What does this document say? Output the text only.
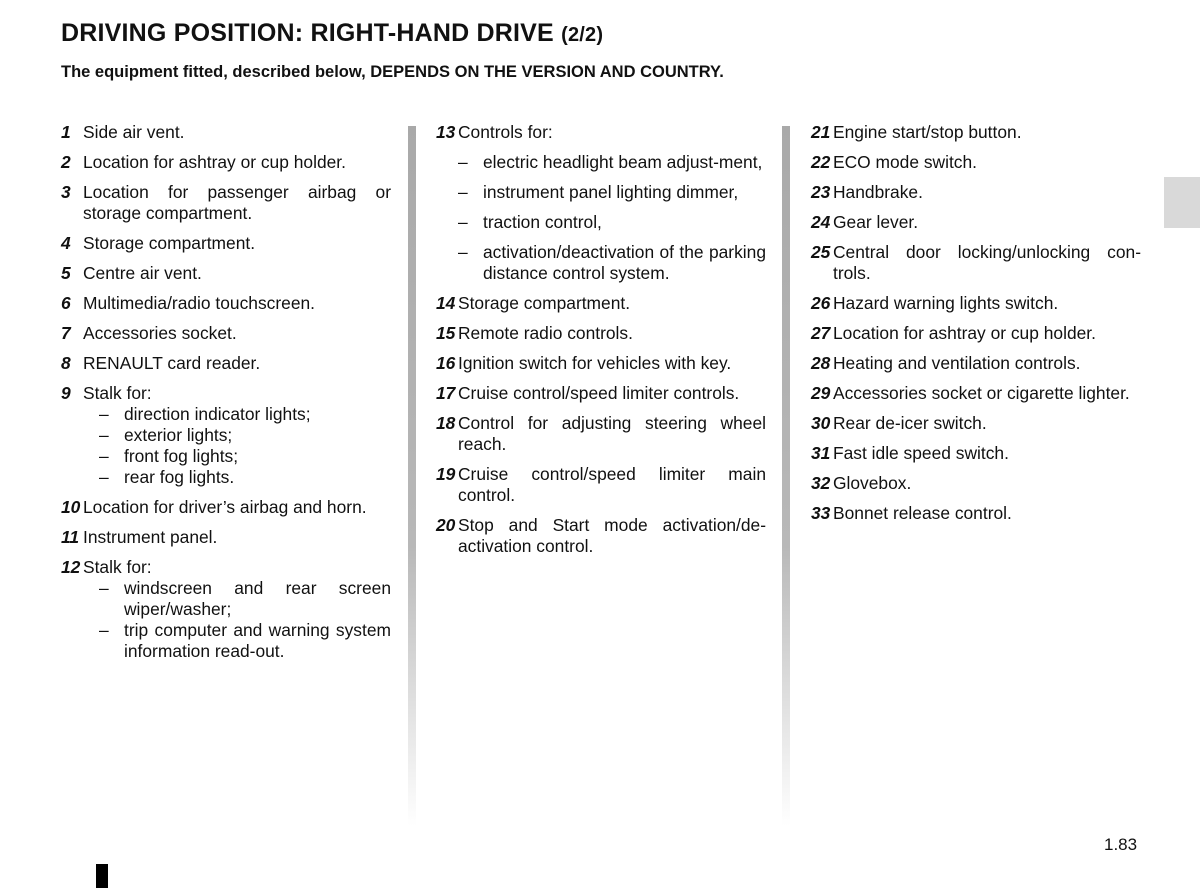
DRIVING POSITION: RIGHT-HAND DRIVE (2/2)
The equipment fitted, described below, DEPENDS ON THE VERSION AND COUNTRY.
1 Side air vent.
2 Location for ashtray or cup holder.
3 Location for passenger airbag or storage compartment.
4 Storage compartment.
5 Centre air vent.
6 Multimedia/radio touchscreen.
7 Accessories socket.
8 RENAULT card reader.
9 Stalk for:
– direction indicator lights;
– exterior lights;
– front fog lights;
– rear fog lights.
10 Location for driver’s airbag and horn.
11 Instrument panel.
12 Stalk for:
– windscreen and rear screen wiper/washer;
– trip computer and warning system information read-out.
13 Controls for:
– electric headlight beam adjust-ment,
– instrument panel lighting dimmer,
– traction control,
– activation/deactivation of the parking distance control system.
14 Storage compartment.
15 Remote radio controls.
16 Ignition switch for vehicles with key.
17 Cruise control/speed limiter controls.
18 Control for adjusting steering wheel reach.
19 Cruise control/speed limiter main control.
20 Stop and Start mode activation/de-activation control.
21 Engine start/stop button.
22 ECO mode switch.
23 Handbrake.
24 Gear lever.
25 Central door locking/unlocking con-trols.
26 Hazard warning lights switch.
27 Location for ashtray or cup holder.
28 Heating and ventilation controls.
29 Accessories socket or cigarette lighter.
30 Rear de-icer switch.
31 Fast idle speed switch.
32 Glovebox.
33 Bonnet release control.
1.83
